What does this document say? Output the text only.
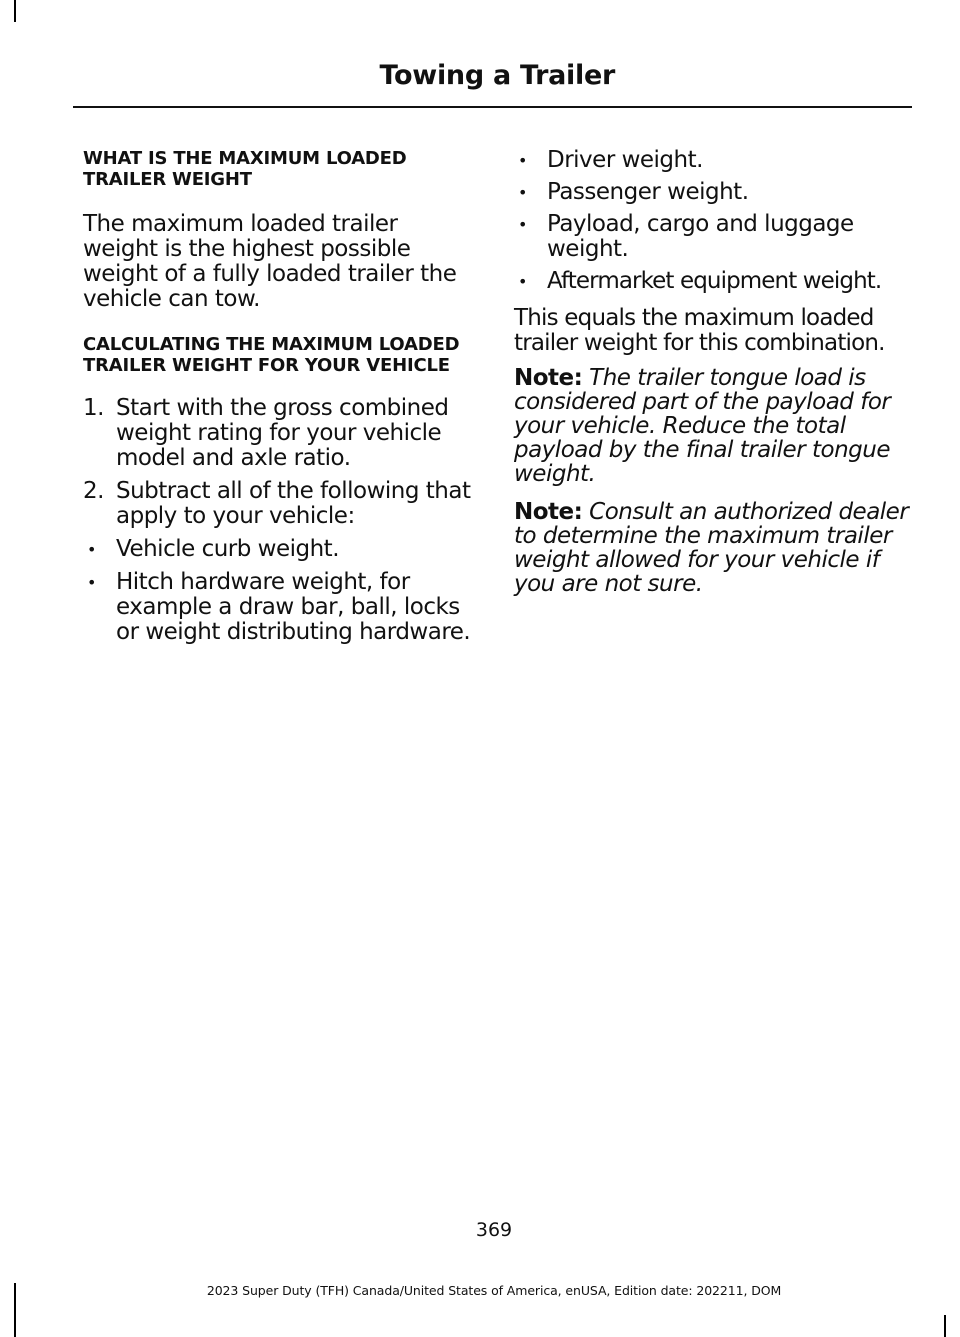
Towing a Trailer
WHAT IS THE MAXIMUM LOADED TRAILER WEIGHT

The maximum loaded trailer weight is the highest possible weight of a fully loaded trailer the vehicle can tow.

CALCULATING THE MAXIMUM LOADED TRAILER WEIGHT FOR YOUR VEHICLE
1. Start with the gross combined weight rating for your vehicle model and axle ratio.
2. Subtract all of the following that apply to your vehicle:
• Vehicle curb weight.
• Hitch hardware weight, for example a draw bar, ball, locks or weight distributing hardware.
• Driver weight.
• Passenger weight.
• Payload, cargo and luggage weight.
• Aftermarket equipment weight.

This equals the maximum loaded trailer weight for this combination.

Note: The trailer tongue load is considered part of the payload for your vehicle. Reduce the total payload by the final trailer tongue weight.

Note: Consult an authorized dealer to determine the maximum trailer weight allowed for your vehicle if you are not sure.

369

2023 Super Duty (TFH) Canada/United States of America, enUSA, Edition date: 202211, DOM
